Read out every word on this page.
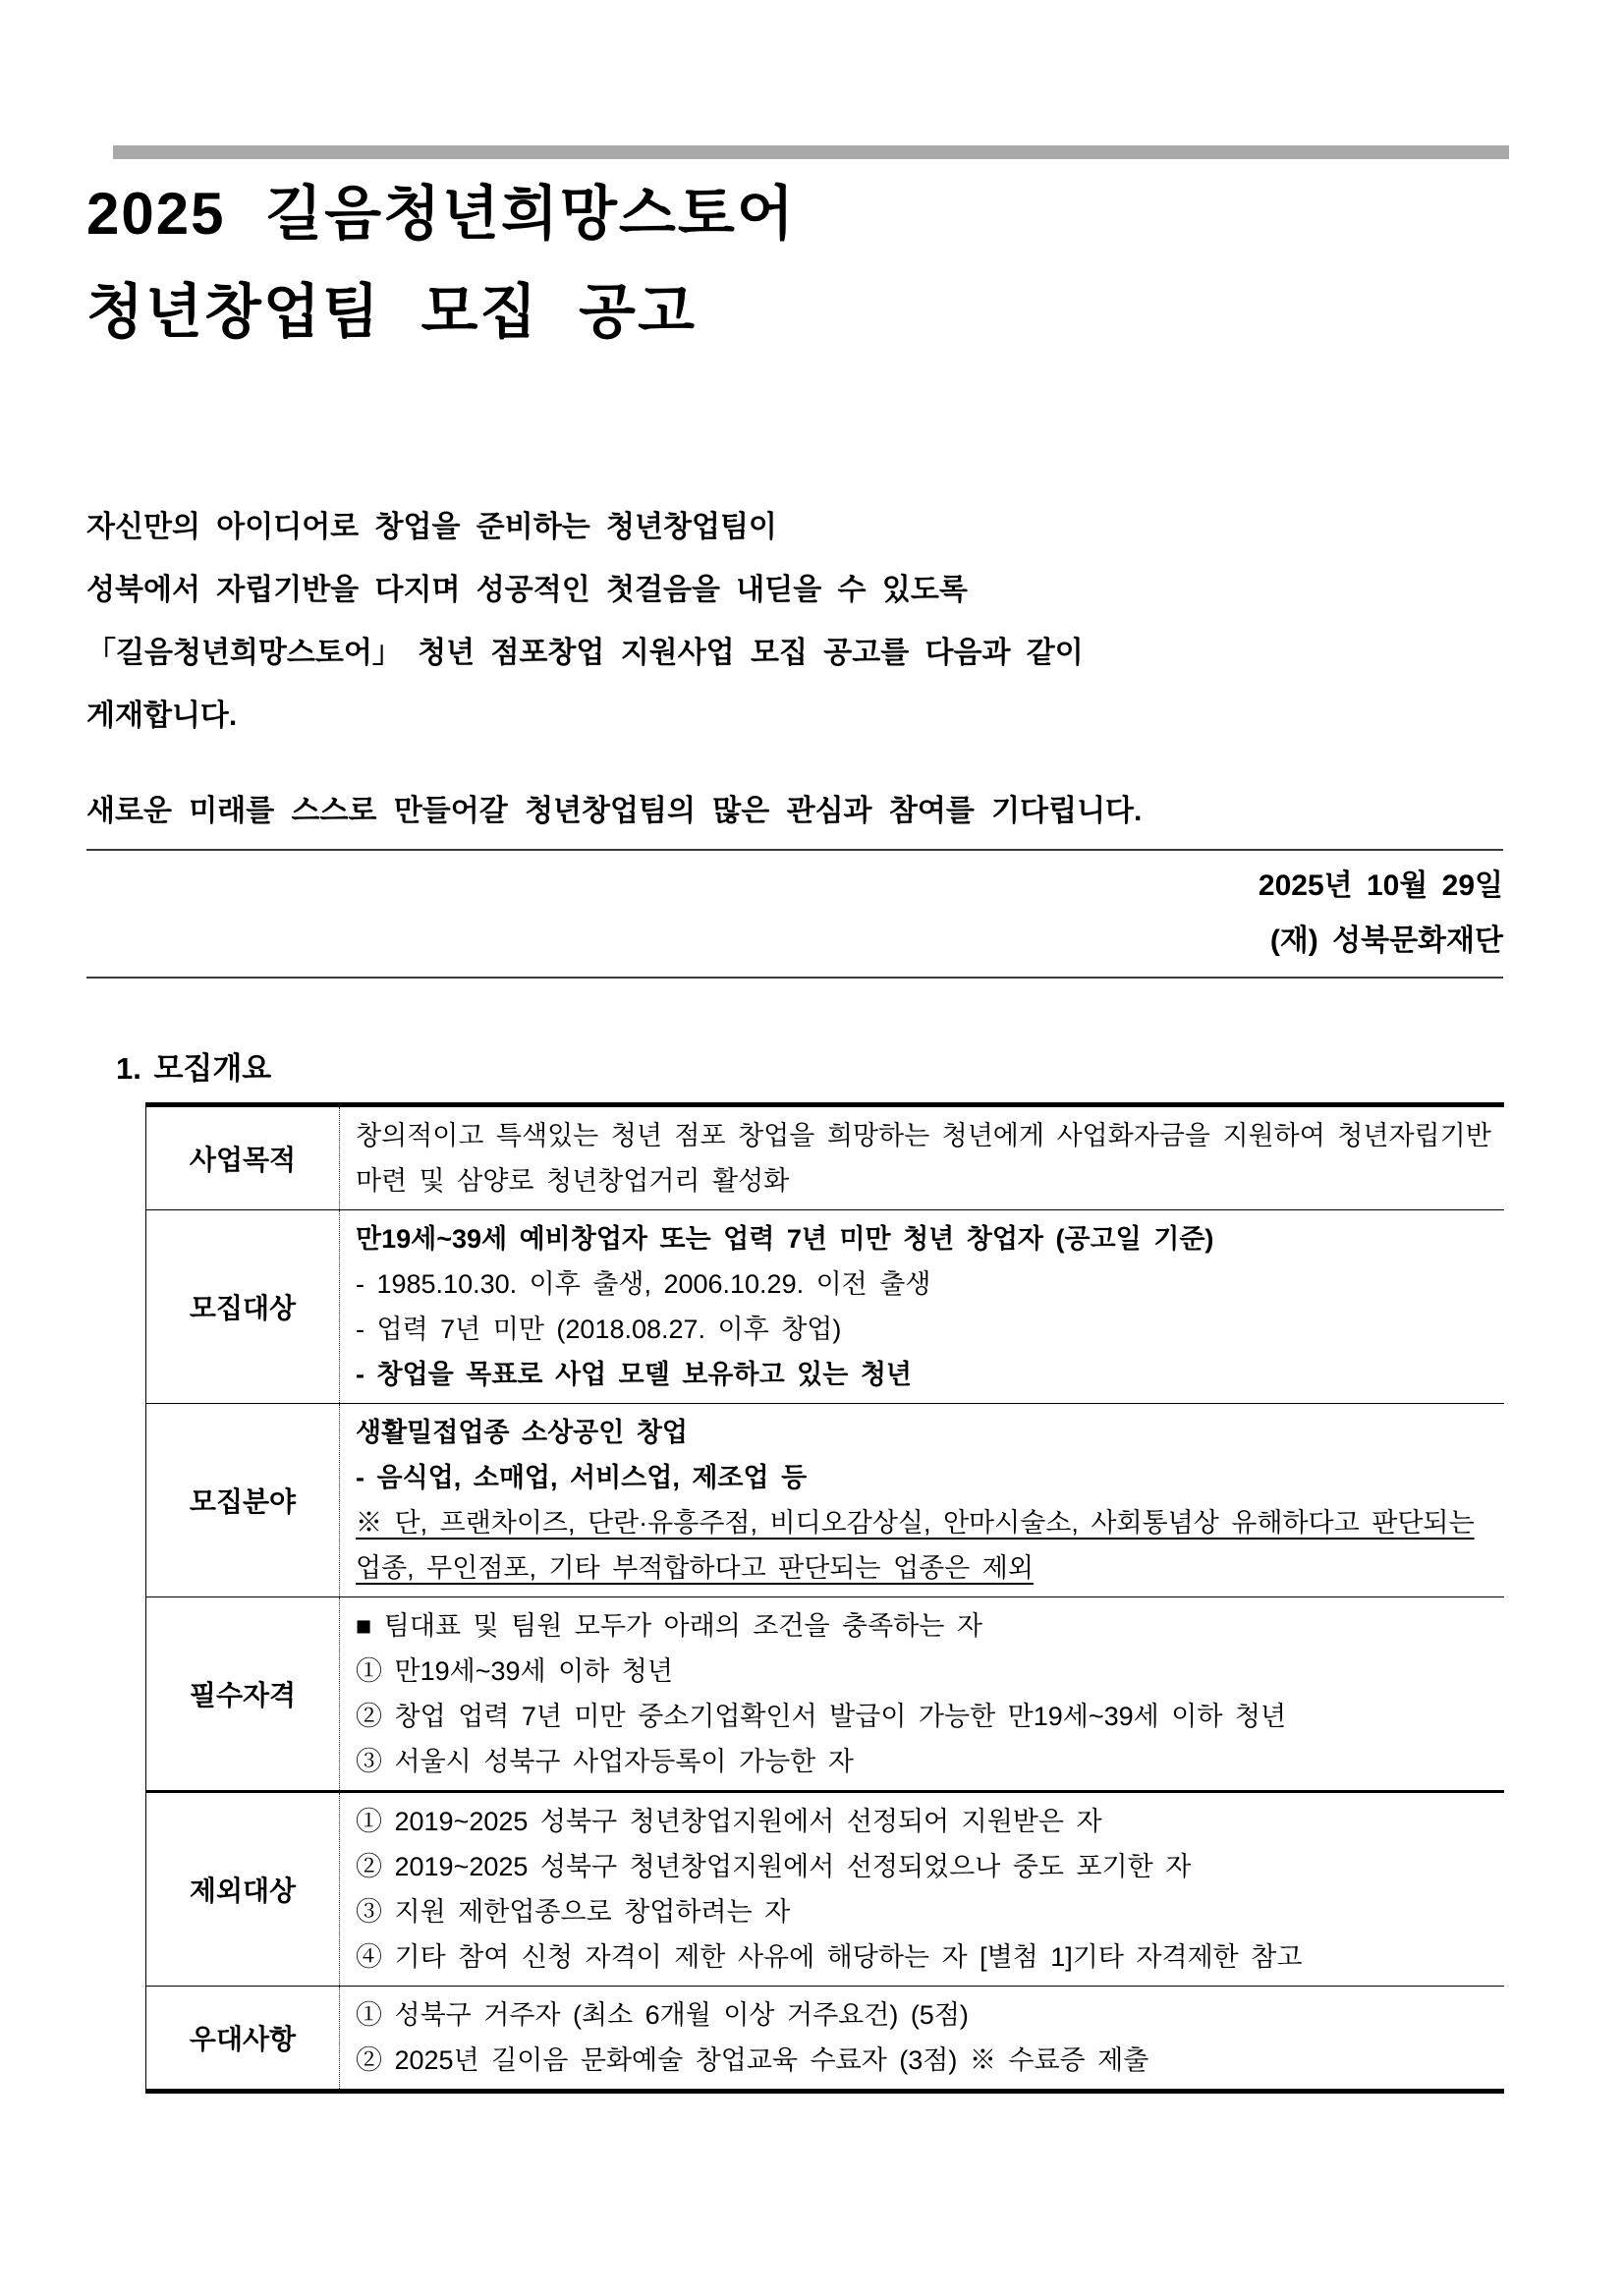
2025 길음청년희망스토어
청년창업팀 모집 공고
자신만의 아이디어로 창업을 준비하는 청년창업팀이
성북에서 자립기반을 다지며 성공적인 첫걸음을 내딛을 수 있도록
「길음청년희망스토어」 청년 점포창업 지원사업 모집 공고를 다음과 같이
게재합니다.
새로운 미래를 스스로 만들어갈 청년창업팀의 많은 관심과 참여를 기다립니다.
2025년 10월 29일
(재) 성북문화재단
1. 모집개요
사업목적	창의적이고 특색있는 청년 점포 창업을 희망하는 청년에게 사업화자금을 지원하여 청년자립기반 마련 및 삼양로 청년창업거리 활성화

모집대상	만19세~39세 예비창업자 또는 업력 7년 미만 청년 창업자 (공고일 기준)
- 1985.10.30. 이후 출생, 2006.10.29. 이전 출생
- 업력 7년 미만 (2018.08.27. 이후 창업)
- 창업을 목표로 사업 모델 보유하고 있는 청년

모집분야	생활밀접업종 소상공인 창업
- 음식업, 소매업, 서비스업, 제조업 등
※ 단, 프랜차이즈, 단란·유흥주점, 비디오감상실, 안마시술소, 사회통념상 유해하다고 판단되는 업종, 무인점포, 기타 부적합하다고 판단되는 업종은 제외

필수자격	■ 팀대표 및 팀원 모두가 아래의 조건을 충족하는 자
① 만19세~39세 이하 청년
② 창업 업력 7년 미만 중소기업확인서 발급이 가능한 만19세~39세 이하 청년
③ 서울시 성북구 사업자등록이 가능한 자

제외대상	① 2019~2025 성북구 청년창업지원에서 선정되어 지원받은 자
② 2019~2025 성북구 청년창업지원에서 선정되었으나 중도 포기한 자
③ 지원 제한업종으로 창업하려는 자
④ 기타 참여 신청 자격이 제한 사유에 해당하는 자 [별첨 1]기타 자격제한 참고

우대사항	① 성북구 거주자 (최소 6개월 이상 거주요건) (5점)
② 2025년 길이음 문화예술 창업교육 수료자 (3점) ※ 수료증 제출
